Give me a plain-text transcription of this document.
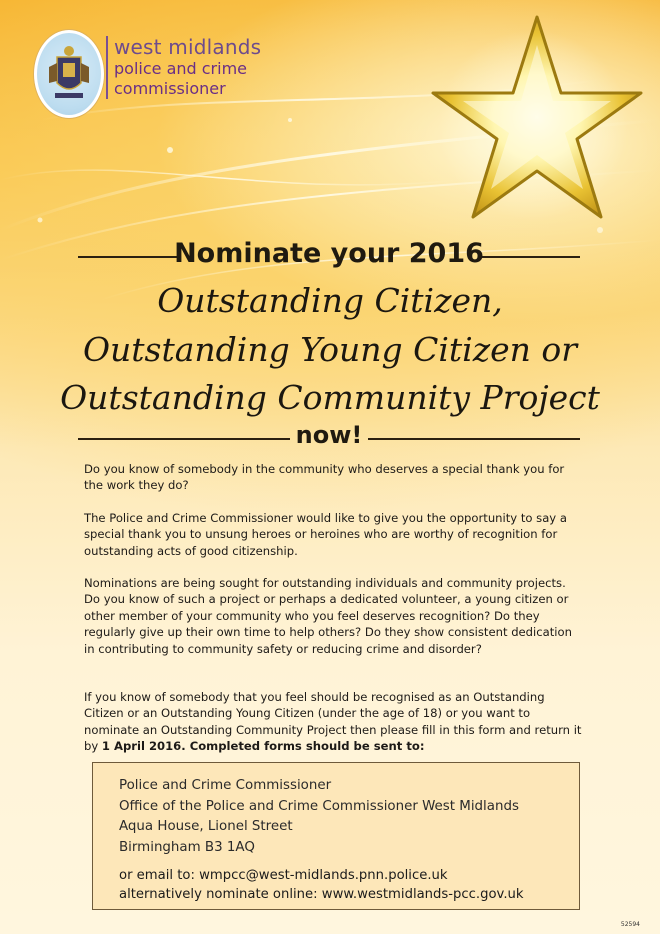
west midlands
police and crime
commissioner
Nominate your 2016
Outstanding Citizen,
Outstanding Young Citizen or
Outstanding Community Project
now!
Do you know of somebody in the community who deserves a special thank you for the work they do?
The Police and Crime Commissioner would like to give you the opportunity to say a special thank you to unsung heroes or heroines who are worthy of recognition for outstanding acts of good citizenship.
Nominations are being sought for outstanding individuals and community projects. Do you know of such a project or perhaps a dedicated volunteer, a young citizen or other member of your community who you feel deserves recognition? Do they regularly give up their own time to help others? Do they show consistent dedication in contributing to community safety or reducing crime and disorder?
If you know of somebody that you feel should be recognised as an Outstanding Citizen or an Outstanding Young Citizen (under the age of 18) or you want to nominate an Outstanding Community Project then please fill in this form and return it by 1 April 2016. Completed forms should be sent to:
Police and Crime Commissioner
Office of the Police and Crime Commissioner West Midlands
Aqua House, Lionel Street
Birmingham B3 1AQ
or email to: wmpcc@west-midlands.pnn.police.uk
alternatively nominate online: www.westmidlands-pcc.gov.uk
52594
